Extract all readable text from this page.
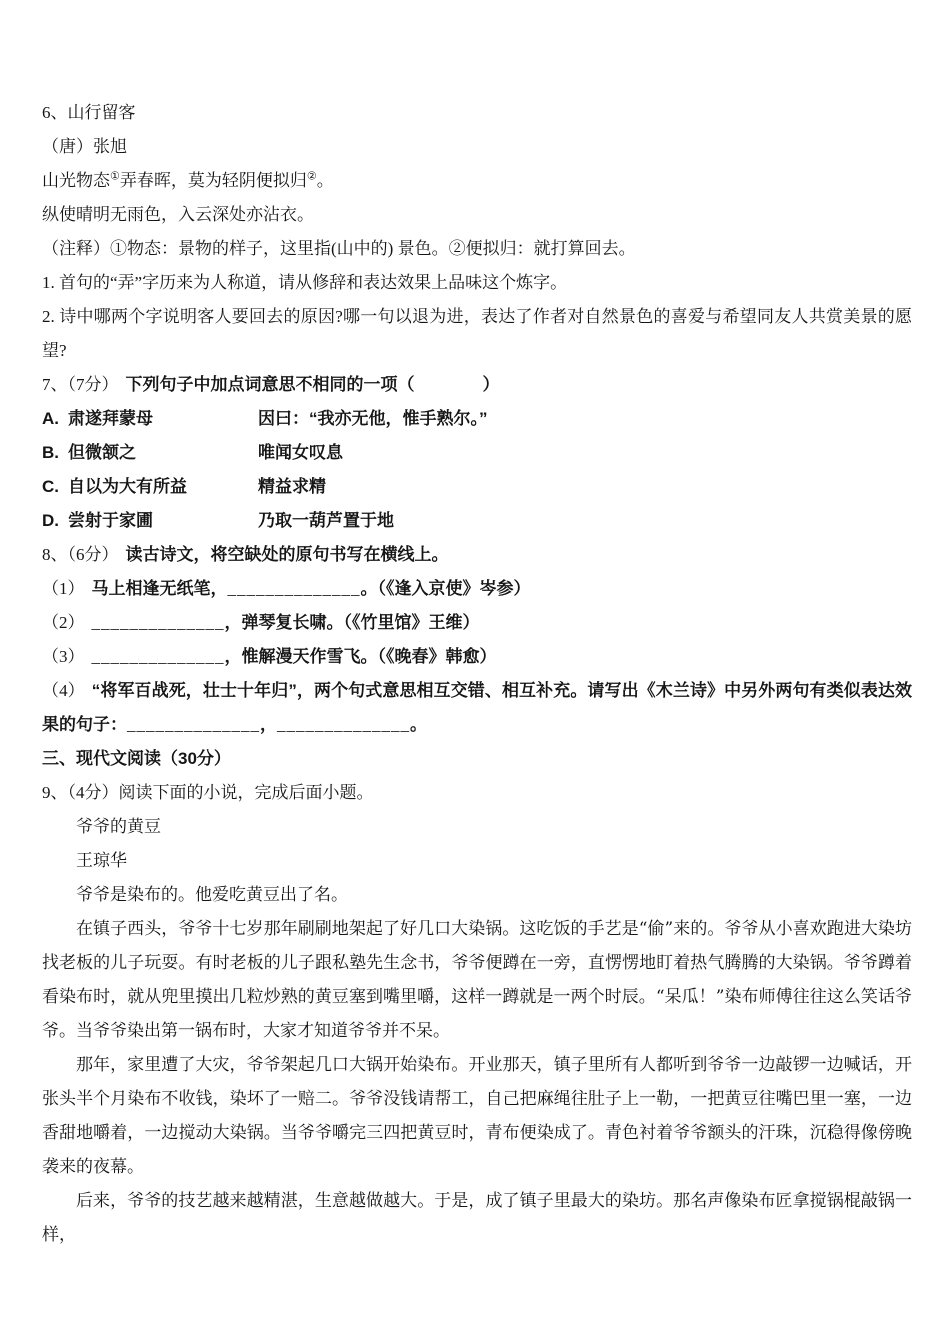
6、山行留客

（唐）张旭

山光物态①弄春晖，莫为轻阴便拟归②。

纵使晴明无雨色，入云深处亦沾衣。

（注释）①物态：景物的样子，这里指(山中的) 景色。②便拟归：就打算回去。

1. 首句的“弄”字历来为人称道，请从修辞和表达效果上品味这个炼字。

2. 诗中哪两个字说明客人要回去的原因?哪一句以退为进，表达了作者对自然景色的喜爱与希望同友人共赏美景的愿望?

7、（7分） 下列句子中加点词意思不相同的一项（　　　　）

A. 肃遂拜蒙母	因曰：“我亦无他，惟手熟尔。”
B. 但微颔之	唯闻女叹息
C. 自以为大有所益	精益求精
D. 尝射于家圃	乃取一葫芦置于地

8、（6分） 读古诗文，将空缺处的原句书写在横线上。

（1） 马上相逢无纸笔，______________。（《逢入京使》岑参）

（2） ______________，弹琴复长啸。（《竹里馆》王维）

（3） ______________，惟解漫天作雪飞。（《晚春》韩愈）

（4） “将军百战死，壮士十年归”，两个句式意思相互交错、相互补充。请写出《木兰诗》中另外两句有类似表达效果的句子：______________，______________。

三、现代文阅读（30分）

9、（4分）阅读下面的小说，完成后面小题。

爷爷的黄豆

王琼华

爷爷是染布的。他爱吃黄豆出了名。

在镇子西头，爷爷十七岁那年刷刷地架起了好几口大染锅。这吃饭的手艺是“偷”来的。爷爷从小喜欢跑进大染坊找老板的儿子玩耍。有时老板的儿子跟私塾先生念书，爷爷便蹲在一旁，直愣愣地盯着热气腾腾的大染锅。爷爷蹲着看染布时，就从兜里摸出几粒炒熟的黄豆塞到嘴里嚼，这样一蹲就是一两个时辰。“呆瓜！”染布师傅往往这么笑话爷爷。当爷爷染出第一锅布时，大家才知道爷爷并不呆。

那年，家里遭了大灾，爷爷架起几口大锅开始染布。开业那天，镇子里所有人都听到爷爷一边敲锣一边喊话，开张头半个月染布不收钱，染坏了一赔二。爷爷没钱请帮工，自己把麻绳往肚子上一勒，一把黄豆往嘴巴里一塞，一边香甜地嚼着，一边搅动大染锅。当爷爷嚼完三四把黄豆时，青布便染成了。青色衬着爷爷额头的汗珠，沉稳得像傍晚袭来的夜幕。

后来，爷爷的技艺越来越精湛，生意越做越大。于是，成了镇子里最大的染坊。那名声像染布匠拿搅锅棍敲锅一样，
